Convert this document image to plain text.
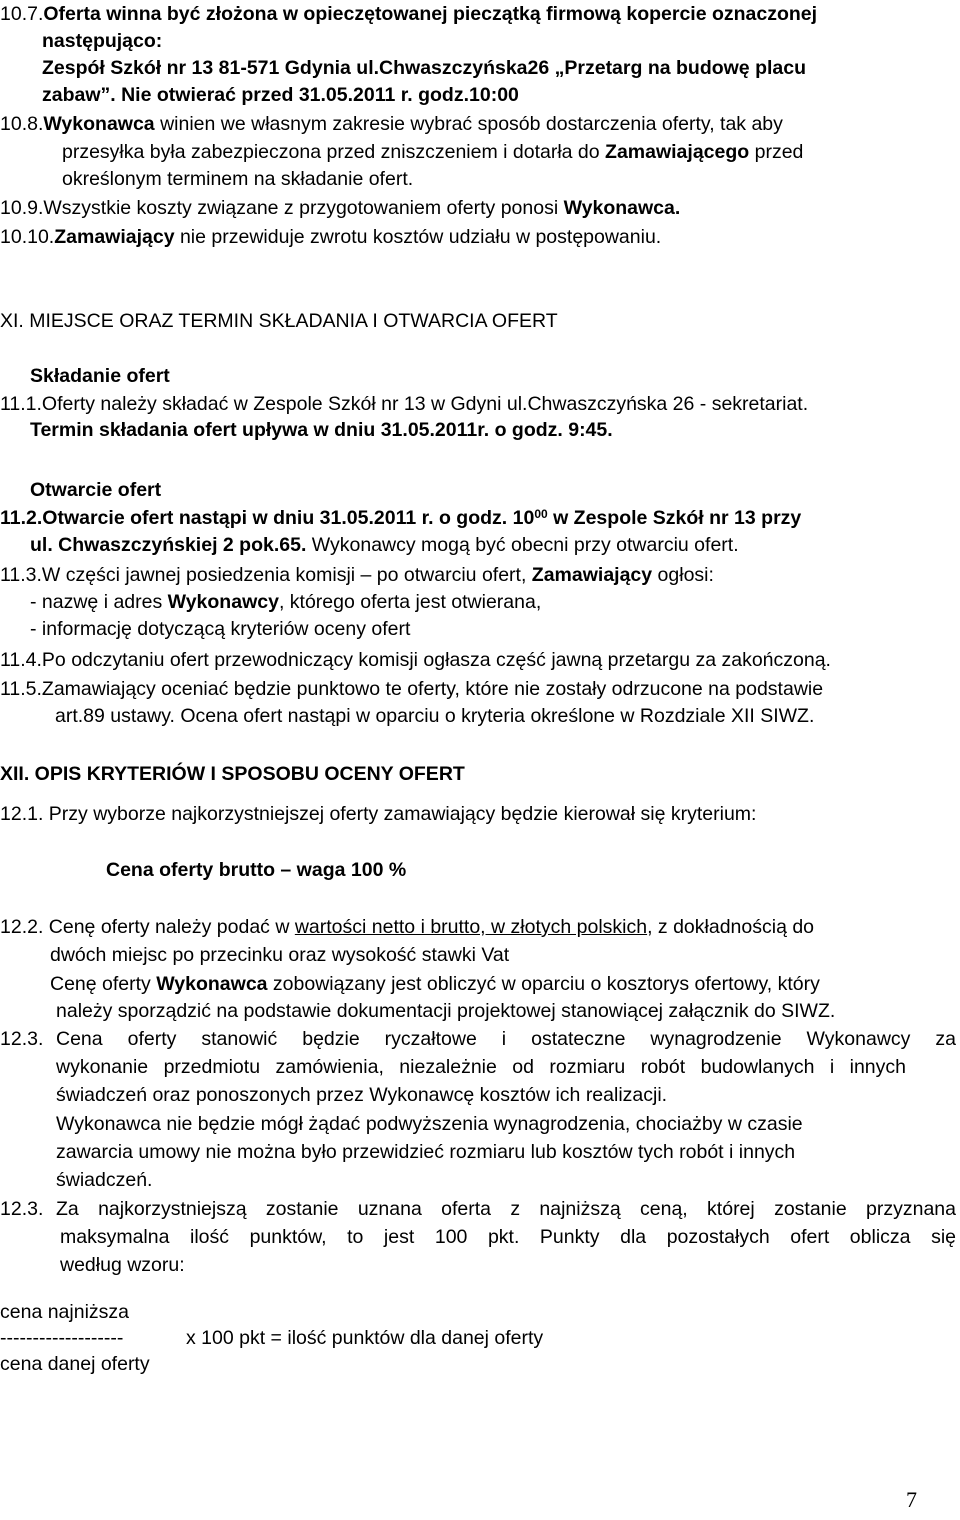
10.7.Oferta winna być złożona w opieczętowanej pieczątką firmową kopercie oznaczonej
następująco:
Zespół Szkół nr 13 81-571 Gdynia ul.Chwaszczyńska26 „Przetarg na budowę placu
zabaw”. Nie otwierać przed 31.05.2011 r. godz.10:00
10.8.Wykonawca winien we własnym zakresie wybrać sposób dostarczenia oferty, tak aby
przesyłka była zabezpieczona przed zniszczeniem i dotarła do Zamawiającego przed
określonym terminem na składanie ofert.
10.9.Wszystkie koszty związane z przygotowaniem oferty ponosi Wykonawca.
10.10.Zamawiający nie przewiduje zwrotu kosztów udziału w postępowaniu.
XI. MIEJSCE ORAZ TERMIN SKŁADANIA I OTWARCIA OFERT
Składanie ofert
11.1.Oferty należy składać w Zespole Szkół nr 13 w Gdyni ul.Chwaszczyńska 26 - sekretariat.
Termin składania ofert upływa w dniu 31.05.2011r. o godz. 9:45.
Otwarcie ofert
11.2.Otwarcie ofert nastąpi w dniu 31.05.2011 r. o godz. $10^{00}$ w Zespole Szkół nr 13 przy
ul. Chwaszczyńskiej 2 pok.65. Wykonawcy mogą być obecni przy otwarciu ofert.
11.3.W części jawnej posiedzenia komisji – po otwarciu ofert, Zamawiający ogłosi:
- nazwę i adres Wykonawcy, którego oferta jest otwierana,
- informację dotyczącą kryteriów oceny ofert
11.4.Po odczytaniu ofert przewodniczący komisji ogłasza część jawną przetargu za zakończoną.
11.5.Zamawiający oceniać będzie punktowo te oferty, które nie zostały odrzucone na podstawie
art.89 ustawy. Ocena ofert nastąpi w oparciu o kryteria określone w Rozdziale XII SIWZ.
XII. OPIS KRYTERIÓW I SPOSOBU OCENY OFERT
12.1. Przy wyborze najkorzystniejszej oferty zamawiający będzie kierował się kryterium:
Cena oferty brutto – waga 100 %
12.2. Cenę oferty należy podać w wartości netto i brutto, w złotych polskich, z dokładnością do
dwóch miejsc po przecinku oraz wysokość stawki Vat
Cenę oferty Wykonawca zobowiązany jest obliczyć w oparciu o kosztorys ofertowy, który
należy sporządzić na podstawie dokumentacji projektowej stanowiącej załącznik do SIWZ.
12.3. Cena oferty stanowić będzie ryczałtowe i ostateczne wynagrodzenie Wykonawcy za
wykonanie przedmiotu zamówienia, niezależnie od rozmiaru robót budowlanych i innych
świadczeń oraz ponoszonych przez Wykonawcę kosztów ich realizacji.
Wykonawca nie będzie mógł żądać podwyższenia wynagrodzenia, chociażby w czasie
zawarcia umowy nie można było przewidzieć rozmiaru lub kosztów tych robót i innych
świadczeń.
12.3. Za najkorzystniejszą zostanie uznana oferta z najniższą ceną, której zostanie przyznana
maksymalna ilość punktów, to jest 100 pkt. Punkty dla pozostałych ofert oblicza się
według wzoru:
cena najniższa
-------------------	x 100 pkt = ilość punktów dla danej oferty
cena danej oferty
7
